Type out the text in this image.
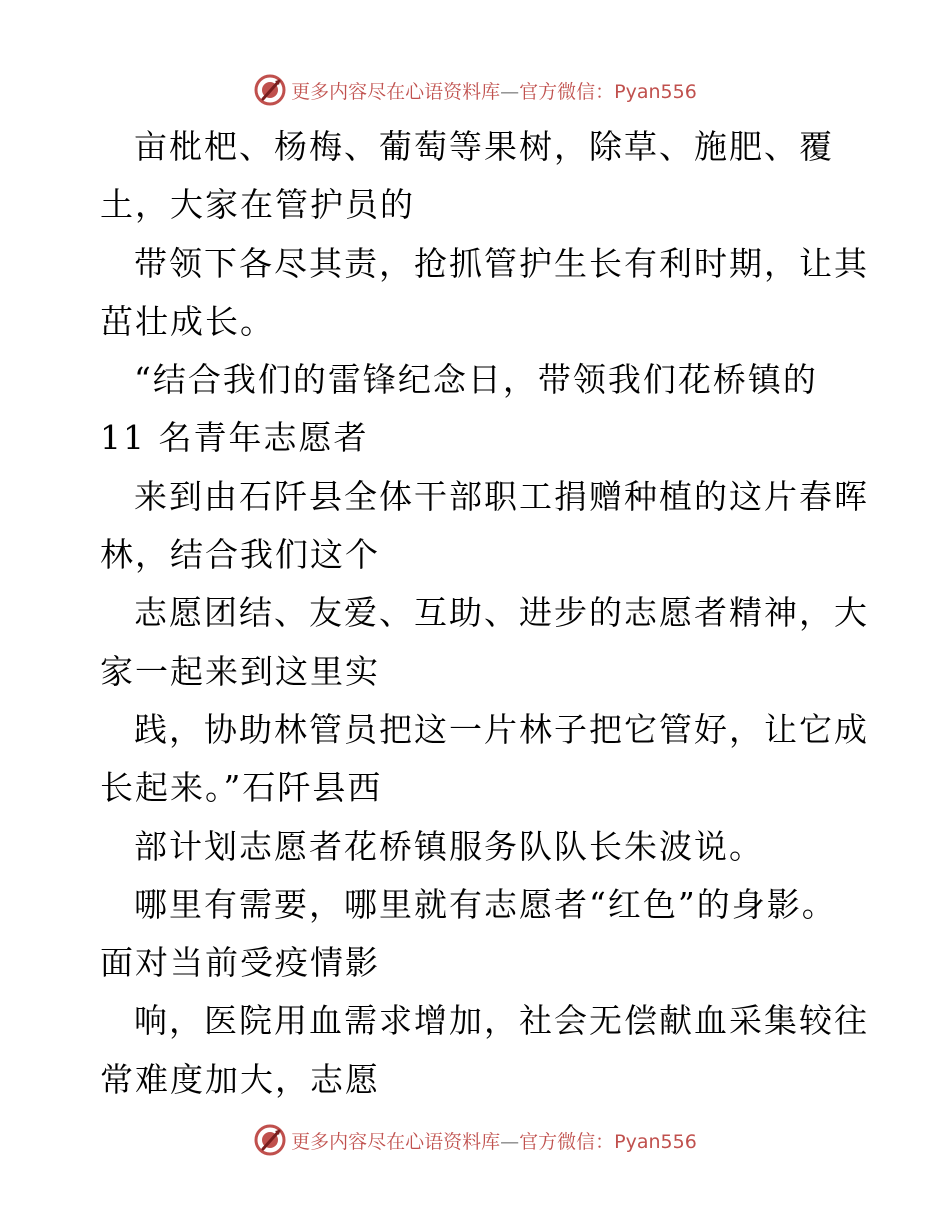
更多内容尽在心语资料库—官方微信：Pyan556
亩枇杷、杨梅、葡萄等果树，除草、施肥、覆
土，大家在管护员的
带领下各尽其责，抢抓管护生长有利时期，让其
茁壮成长。
“结合我们的雷锋纪念日，带领我们花桥镇的
11 名青年志愿者
来到由石阡县全体干部职工捐赠种植的这片春晖
林，结合我们这个
志愿团结、友爱、互助、进步的志愿者精神，大
家一起来到这里实
践，协助林管员把这一片林子把它管好，让它成
长起来。”石阡县西
部计划志愿者花桥镇服务队队长朱波说。
哪里有需要，哪里就有志愿者“红色”的身影。
面对当前受疫情影
响，医院用血需求增加，社会无偿献血采集较往
常难度加大，志愿
更多内容尽在心语资料库—官方微信：Pyan556
